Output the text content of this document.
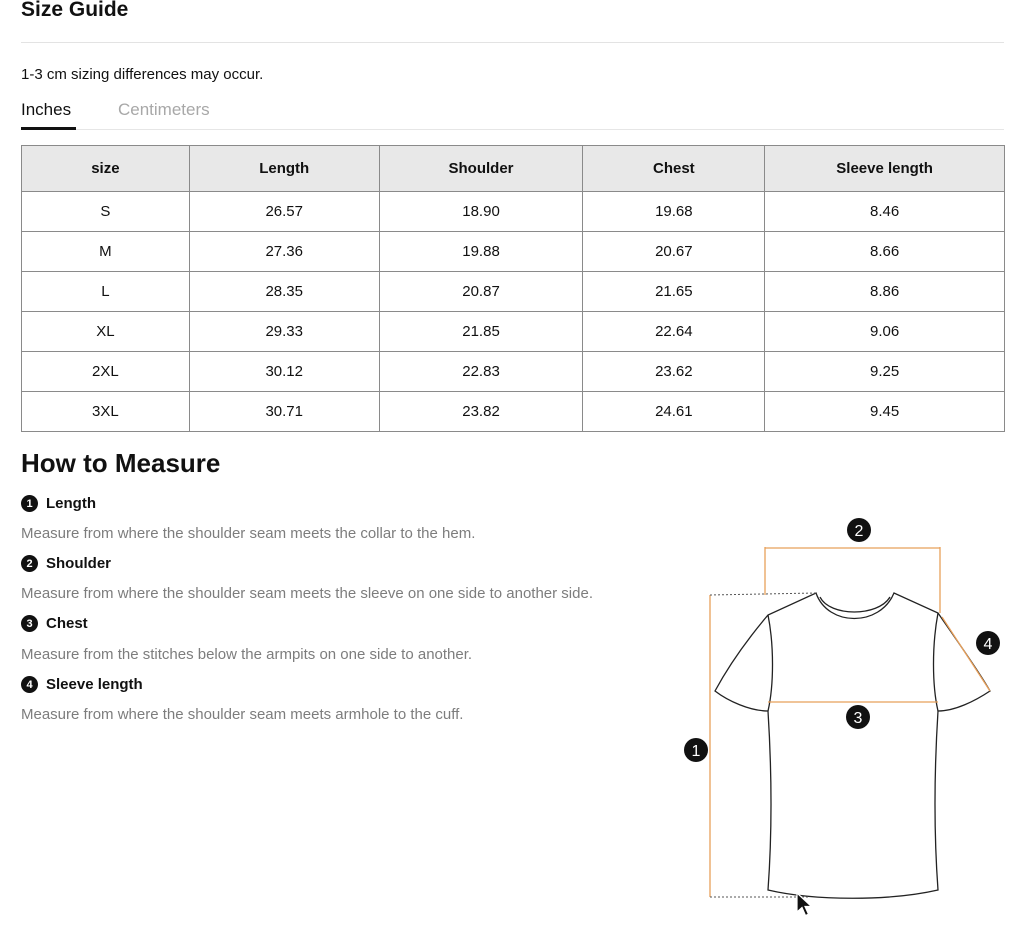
Size Guide
1-3 cm sizing differences may occur.
Inches	Centimeters
size	Length	Shoulder	Chest	Sleeve length
S	26.57	18.90	19.68	8.46
M	27.36	19.88	20.67	8.66
L	28.35	20.87	21.65	8.86
XL	29.33	21.85	22.64	9.06
2XL	30.12	22.83	23.62	9.25
3XL	30.71	23.82	24.61	9.45
How to Measure
1 Length
Measure from where the shoulder seam meets the collar to the hem.
2 Shoulder
Measure from where the shoulder seam meets the sleeve on one side to another side.
3 Chest
Measure from the stitches below the armpits on one side to another.
4 Sleeve length
Measure from where the shoulder seam meets armhole to the cuff.
2
3
1
4
